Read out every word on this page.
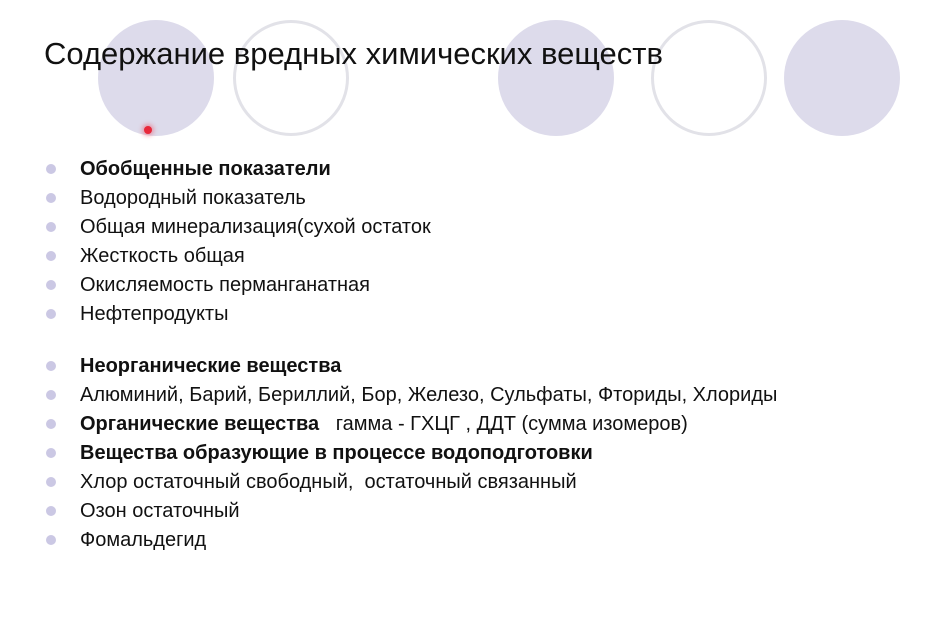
Содержание вредных химических веществ
Обобщенные показатели
Водородный показатель
Общая минерализация(сухой остаток
Жесткость общая
Окисляемость перманганатная
Нефтепродукты
Неорганические вещества
Алюминий, Барий, Бериллий, Бор, Железо, Сульфаты, Фториды, Хлориды
Органические вещества   гамма - ГХЦГ , ДДТ (сумма изомеров)
Вещества образующие в процессе водоподготовки
Хлор остаточный свободный,  остаточный связанный
Озон остаточный
Фомальдегид
